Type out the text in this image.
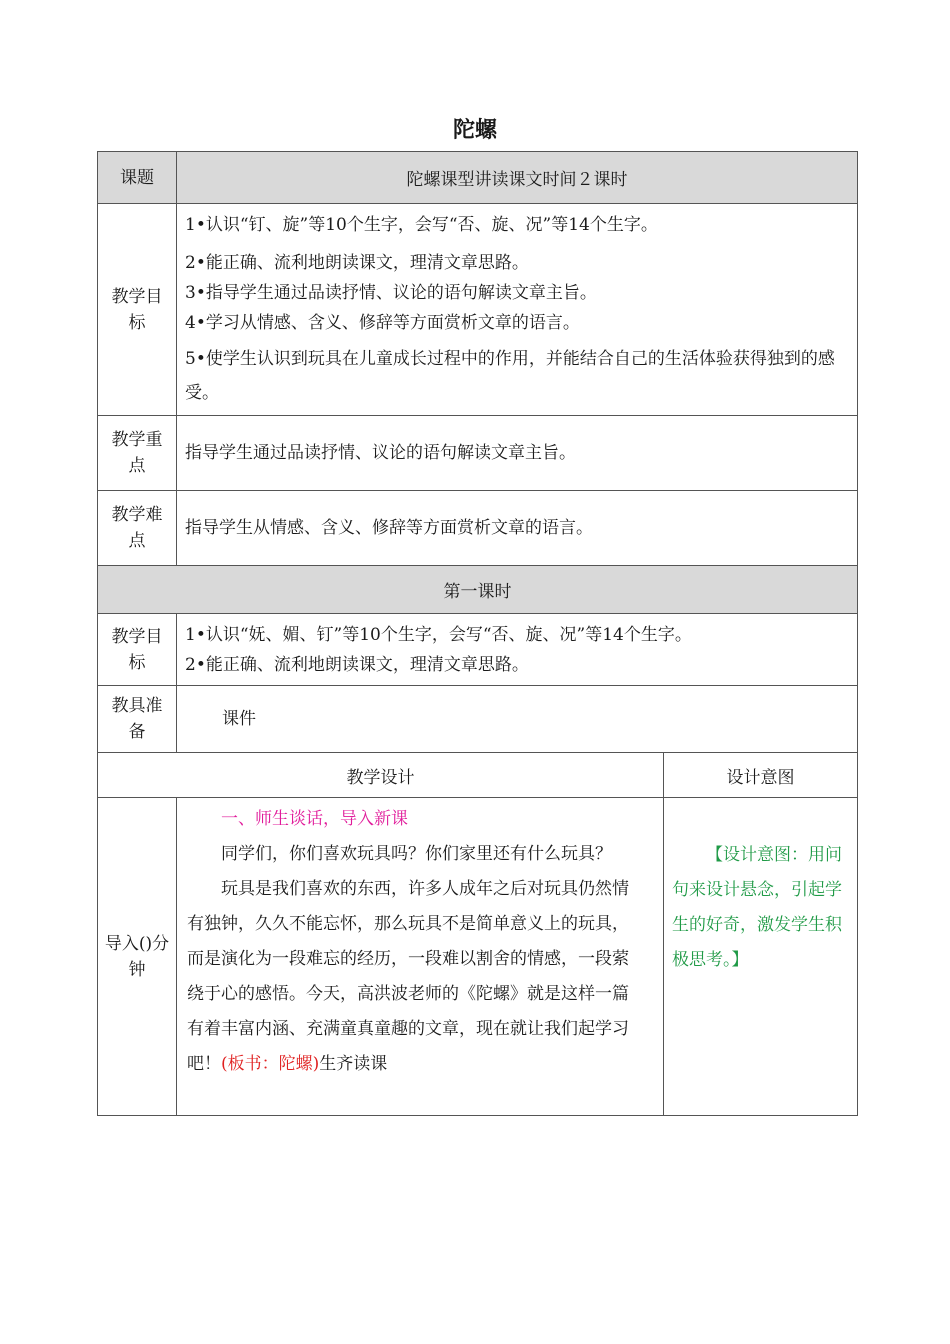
陀螺
课题	陀螺课型讲读课文时间２课时	
教学目标	1•认识“钉、旋”等10个生字，会写“否、旋、况”等14个生字。
2•能正确、流利地朗读课文，理清文章思路。
3•指导学生通过品读抒情、议论的语句解读文章主旨。
4•学习从情感、含义、修辞等方面赏析文章的语言。
5•使学生认识到玩具在儿童成长过程中的作用，并能结合自己的生活体验获得独到的感受。	

教学重点	指导学生通过品读抒情、议论的语句解读文章主旨。	
教学难点	指导学生从情感、含义、修辞等方面赏析文章的语言。	
第一课时		
教学目标	1•认识“妩、媚、钉”等10个生字，会写“否、旋、况”等14个生字。
2•能正确、流利地朗读课文，理清文章思路。	

教具准备	课件	
教学设计		设计意图
导入()分钟	一、师生谈话，导入新课
同学们，你们喜欢玩具吗？你们家里还有什么玩具？
玩具是我们喜欢的东西，许多人成年之后对玩具仍然情有独钟，久久不能忘怀，那么玩具不是简单意义上的玩具，而是演化为一段难忘的经历，一段难以割舍的情感，一段萦绕于心的感悟。今天，高洪波老师的《陀螺》就是这样一篇有着丰富内涵、充满童真童趣的文章，现在就让我们起学习吧！(板书：陀螺)生齐读课	【设计意图：用问句来设计悬念，引起学生的好奇，激发学生积极思考。】
